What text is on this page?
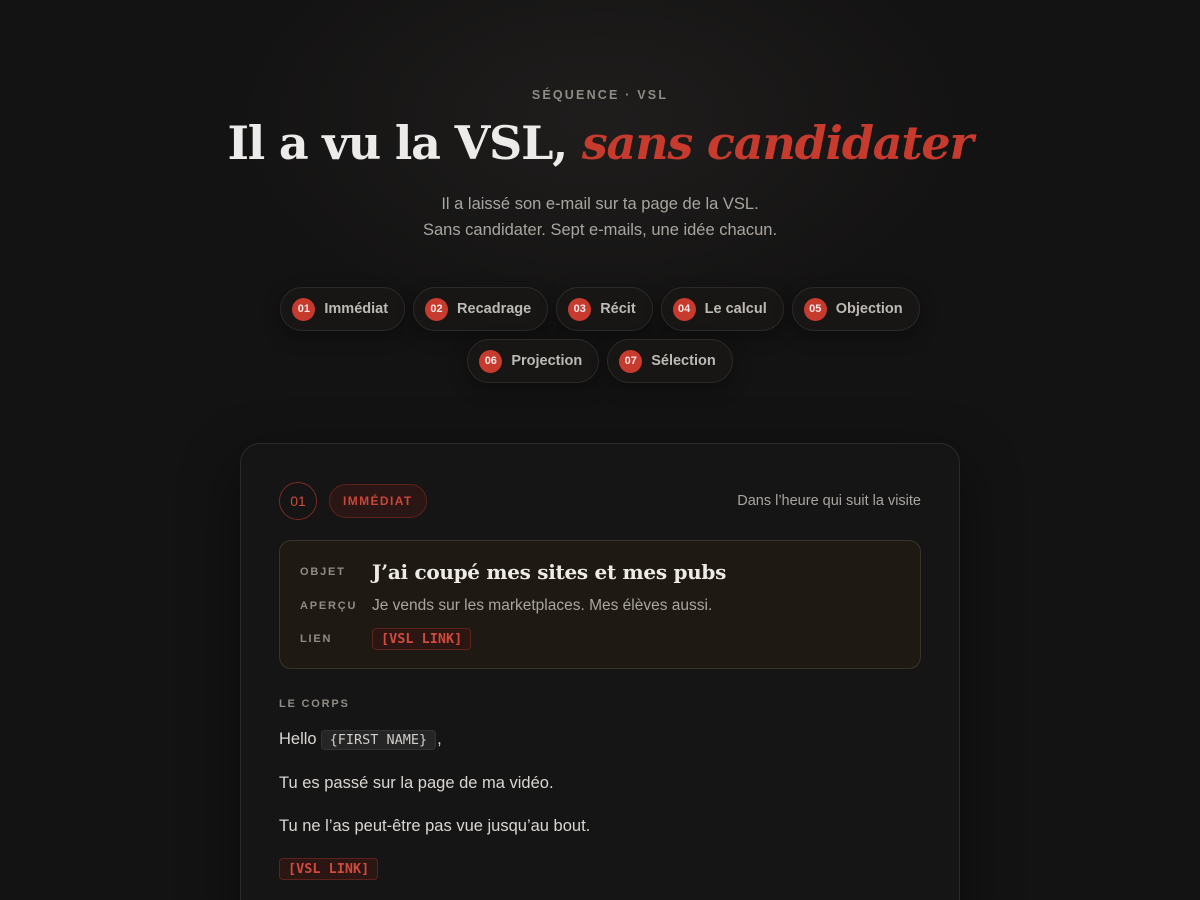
SÉQUENCE · VSL
Il a vu la VSL, sans candidater
Il a laissé son e-mail sur ta page de la VSL.
Sans candidater. Sept e-mails, une idée chacun.
01 Immédiat	02 Recadrage	03 Récit	04 Le calcul	05 Objection
06 Projection	07 Sélection
01	IMMÉDIAT	Dans l’heure qui suit la visite
OBJET	J’ai coupé mes sites et mes pubs
APERÇU Je vends sur les marketplaces. Mes élèves aussi.
LIEN	[VSL LINK]
LE CORPS
Hello {FIRST NAME} ,
Tu es passé sur la page de ma vidéo.
Tu ne l’as peut-être pas vue jusqu’au bout.
[VSL LINK]
